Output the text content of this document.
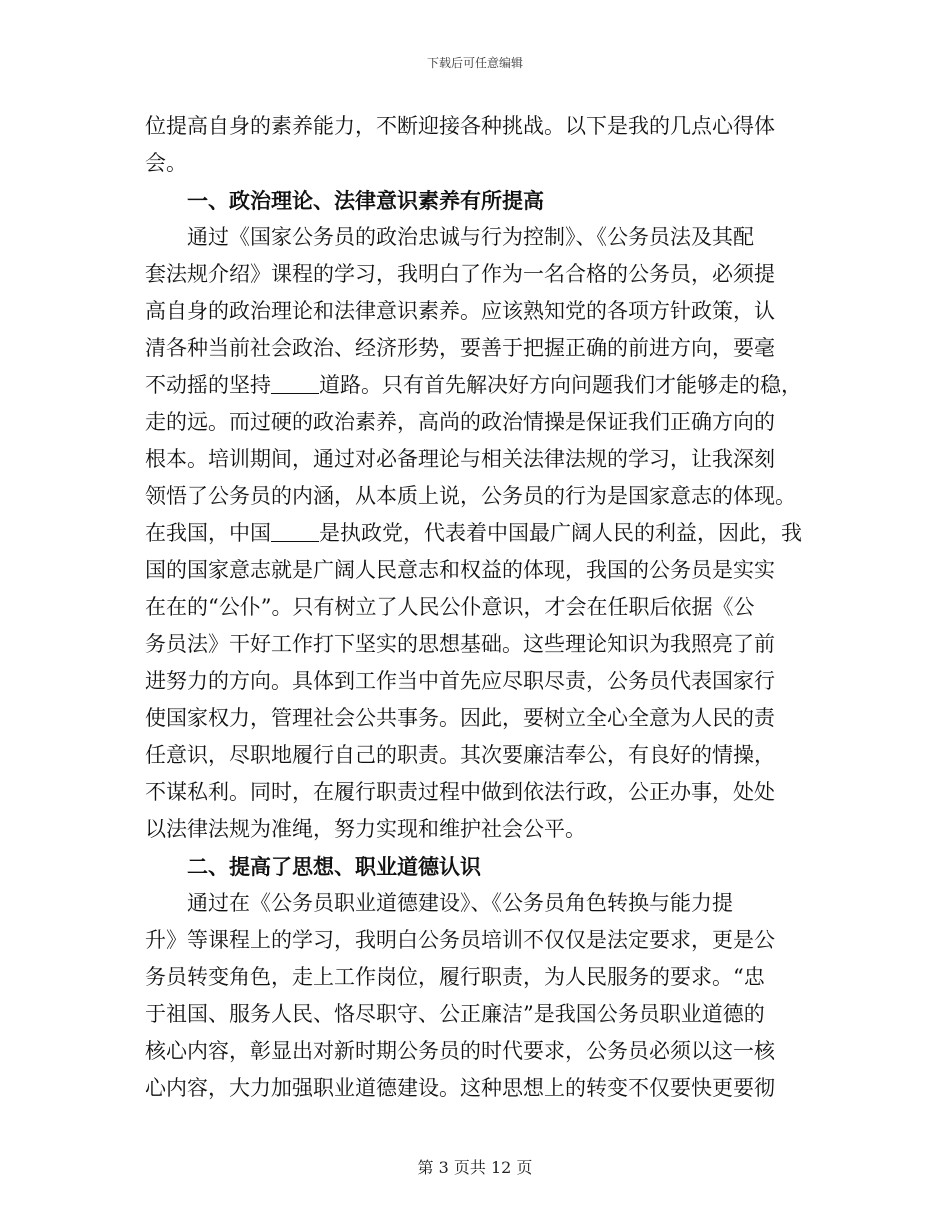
下载后可任意编辑
位提高自身的素养能力，不断迎接各种挑战。以下是我的几点心得体
会。
一、政治理论、法律意识素养有所提高
通过《国家公务员的政治忠诚与行为控制》、《公务员法及其配
套法规介绍》课程的学习，我明白了作为一名合格的公务员，必须提
高自身的政治理论和法律意识素养。应该熟知党的各项方针政策，认
清各种当前社会政治、经济形势，要善于把握正确的前进方向，要毫
不动摇的坚持 道路。只有首先解决好方向问题我们才能够走的稳，
走的远。而过硬的政治素养，高尚的政治情操是保证我们正确方向的
根本。培训期间，通过对必备理论与相关法律法规的学习，让我深刻
领悟了公务员的内涵，从本质上说，公务员的行为是国家意志的体现。
在我国，中国 是执政党，代表着中国最广阔人民的利益，因此，我
国的国家意志就是广阔人民意志和权益的体现，我国的公务员是实实
在在的“公仆”。只有树立了人民公仆意识，才会在任职后依据《公
务员法》干好工作打下坚实的思想基础。这些理论知识为我照亮了前
进努力的方向。具体到工作当中首先应尽职尽责，公务员代表国家行
使国家权力，管理社会公共事务。因此，要树立全心全意为人民的责
任意识，尽职地履行自己的职责。其次要廉洁奉公，有良好的情操，
不谋私利。同时，在履行职责过程中做到依法行政，公正办事，处处
以法律法规为准绳，努力实现和维护社会公平。
二、提高了思想、职业道德认识
通过在《公务员职业道德建设》、《公务员角色转换与能力提
升》等课程上的学习，我明白公务员培训不仅仅是法定要求，更是公
务员转变角色，走上工作岗位，履行职责，为人民服务的要求。“忠
于祖国、服务人民、恪尽职守、公正廉洁”是我国公务员职业道德的
核心内容，彰显出对新时期公务员的时代要求，公务员必须以这一核
心内容，大力加强职业道德建设。这种思想上的转变不仅要快更要彻
第 3 页共 12 页
